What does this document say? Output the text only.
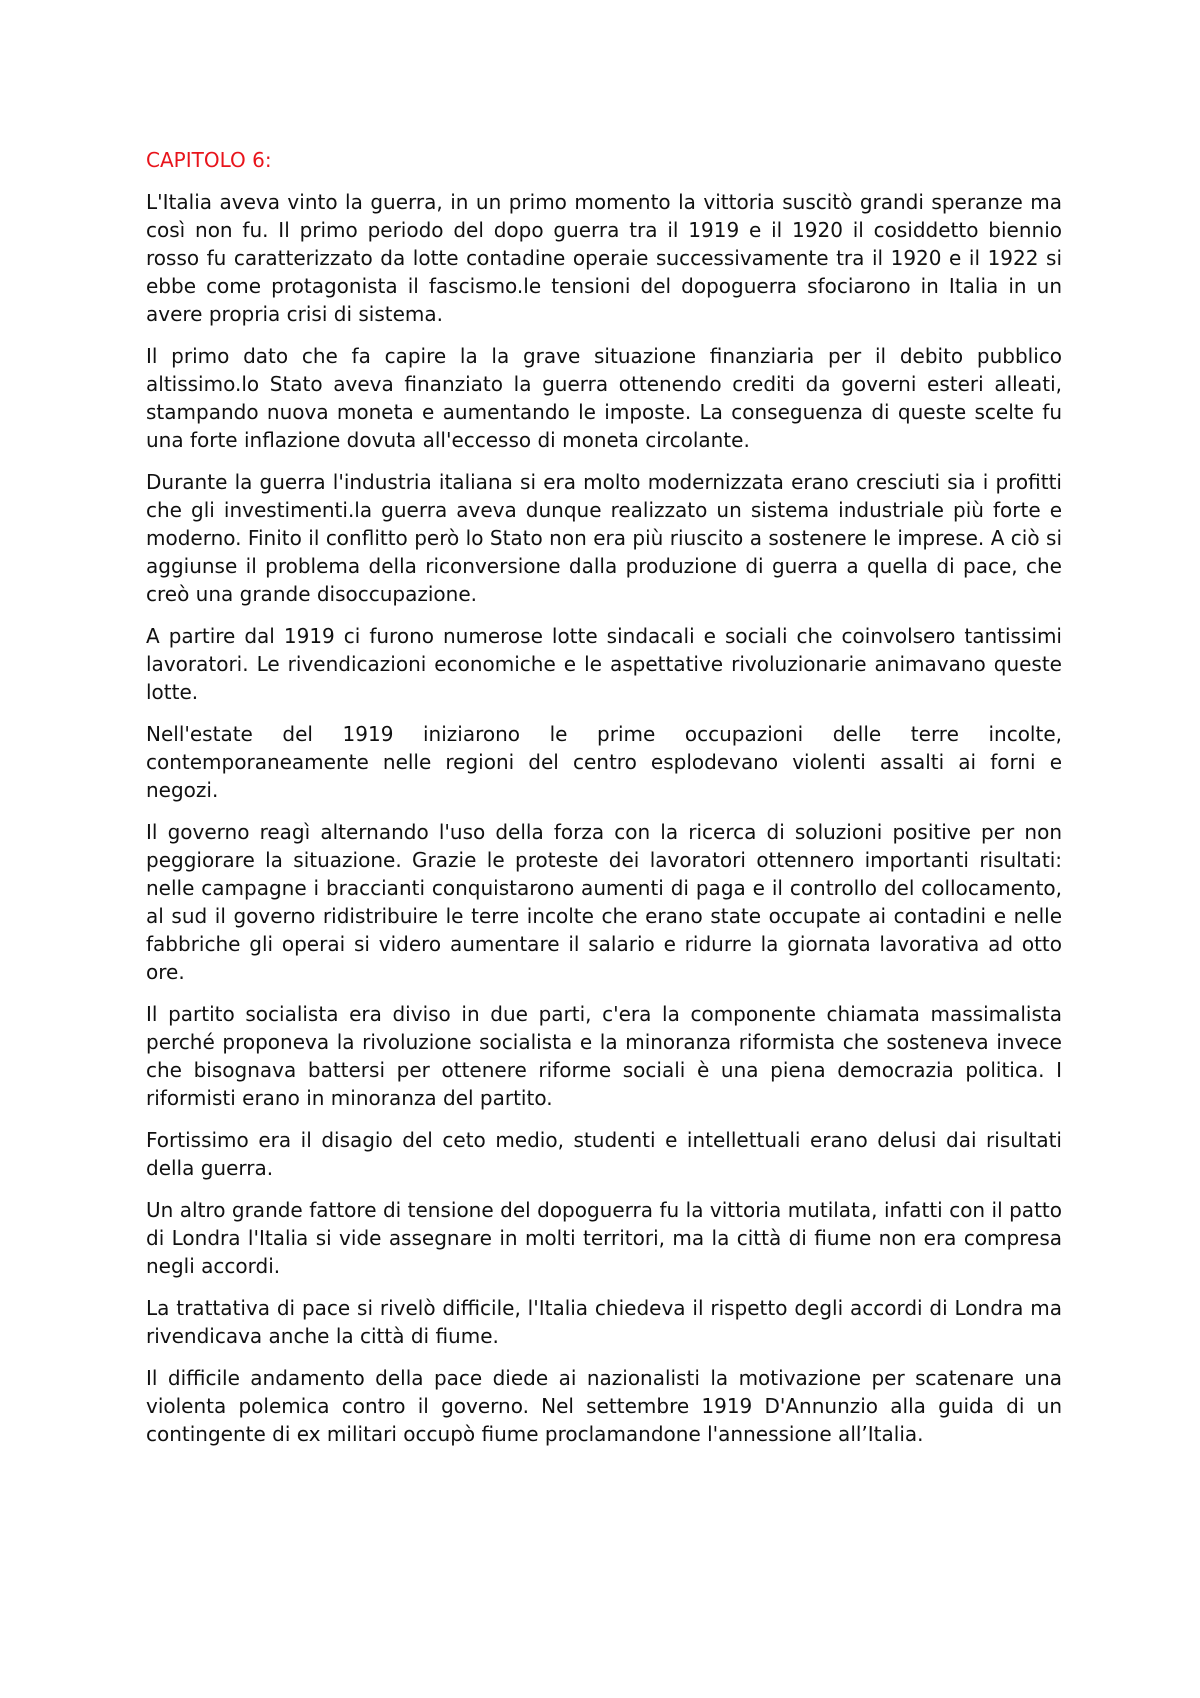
CAPITOLO 6:

L'Italia aveva vinto la guerra, in un primo momento la vittoria suscitò grandi speranze ma così non fu. Il primo periodo del dopo guerra tra il 1919 e il 1920 il cosiddetto biennio rosso fu caratterizzato da lotte contadine operaie successivamente tra il 1920 e il 1922 si ebbe come protagonista il fascismo.le tensioni del dopoguerra sfociarono in Italia in un avere propria crisi di sistema.

Il primo dato che fa capire la la grave situazione finanziaria per il debito pubblico altissimo.lo Stato aveva finanziato la guerra ottenendo crediti da governi esteri alleati, stampando nuova moneta e aumentando le imposte. La conseguenza di queste scelte fu una forte inflazione dovuta all'eccesso di moneta circolante.

Durante la guerra l'industria italiana si era molto modernizzata erano cresciuti sia i profitti che gli investimenti.la guerra aveva dunque realizzato un sistema industriale più forte e moderno. Finito il conflitto però lo Stato non era più riuscito a sostenere le imprese. A ciò si aggiunse il problema della riconversione dalla produzione di guerra a quella di pace, che creò una grande disoccupazione.

A partire dal 1919 ci furono numerose lotte sindacali e sociali che coinvolsero tantissimi lavoratori. Le rivendicazioni economiche e le aspettative rivoluzionarie animavano queste lotte.

Nell'estate del 1919 iniziarono le prime occupazioni delle terre incolte, contemporaneamente nelle regioni del centro esplodevano violenti assalti ai forni e negozi.

Il governo reagì alternando l'uso della forza con la ricerca di soluzioni positive per non peggiorare la situazione. Grazie le proteste dei lavoratori ottennero importanti risultati: nelle campagne i braccianti conquistarono aumenti di paga e il controllo del collocamento, al sud il governo ridistribuire le terre incolte che erano state occupate ai contadini e nelle fabbriche gli operai si videro aumentare il salario e ridurre la giornata lavorativa ad otto ore.

Il partito socialista era diviso in due parti, c'era la componente chiamata massimalista perché proponeva la rivoluzione socialista e la minoranza riformista che sosteneva invece che bisognava battersi per ottenere riforme sociali è una piena democrazia politica. I riformisti erano in minoranza del partito.

Fortissimo era il disagio del ceto medio, studenti e intellettuali erano delusi dai risultati della guerra.

Un altro grande fattore di tensione del dopoguerra fu la vittoria mutilata, infatti con il patto di Londra l'Italia si vide assegnare in molti territori, ma la città di fiume non era compresa negli accordi.

La trattativa di pace si rivelò difficile, l'Italia chiedeva il rispetto degli accordi di Londra ma rivendicava anche la città di fiume.

Il difficile andamento della pace diede ai nazionalisti la motivazione per scatenare una violenta polemica contro il governo. Nel settembre 1919 D'Annunzio alla guida di un contingente di ex militari occupò fiume proclamandone l'annessione all’Italia.
